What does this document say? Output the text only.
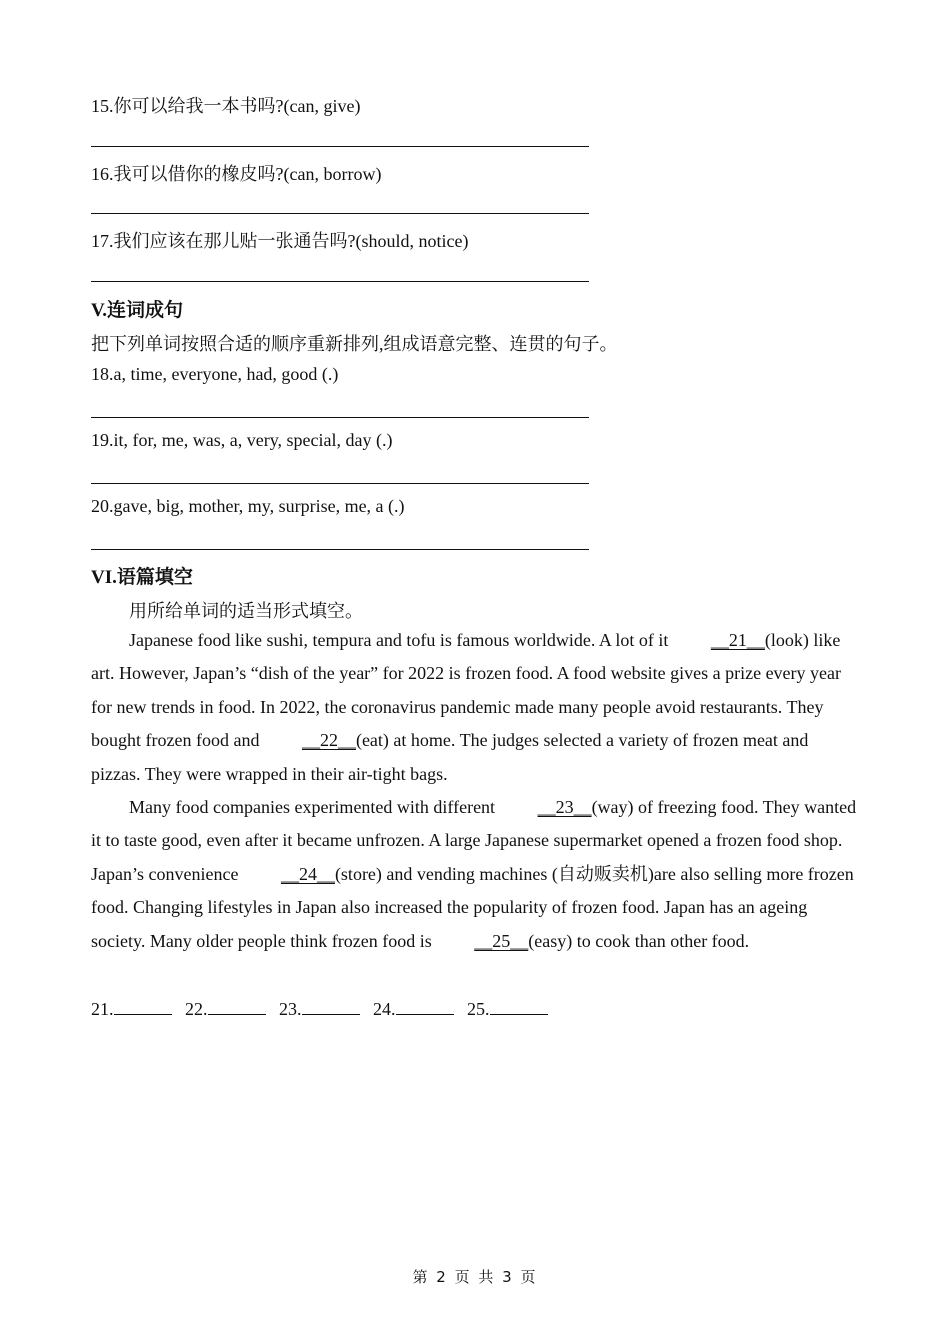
15.你可以给我一本书吗?(can, give)
16.我可以借你的橡皮吗?(can, borrow)
17.我们应该在那儿贴一张通告吗?(should, notice)
V.连词成句
把下列单词按照合适的顺序重新排列,组成语意完整、连贯的句子。
18.a, time, everyone, had, good (.)
19.it, for, me, was, a, very, special, day (.)
20.gave, big, mother, my, surprise, me, a (.)
VI.语篇填空
用所给单词的适当形式填空。

Japanese food like sushi, tempura and tofu is famous worldwide. A lot of it __21__(look) like art. However, Japan’s “dish of the year” for 2022 is frozen food. A food website gives a prize every year for new trends in food. In 2022, the coronavirus pandemic made many people avoid restaurants. They bought frozen food and __22__(eat) at home. The judges selected a variety of frozen meat and pizzas. They were wrapped in their air-tight bags.

Many food companies experimented with different __23__(way) of freezing food. They wanted it to taste good, even after it became unfrozen. A large Japanese supermarket opened a frozen food shop. Japan’s convenience __24__(store) and vending machines (自动贩卖机)are also selling more frozen food. Changing lifestyles in Japan also increased the popularity of frozen food. Japan has an ageing society. Many older people think frozen food is __25__(easy) to cook than other food.

21.	22.	23.	24.	25.
第 2 页 共 3 页
